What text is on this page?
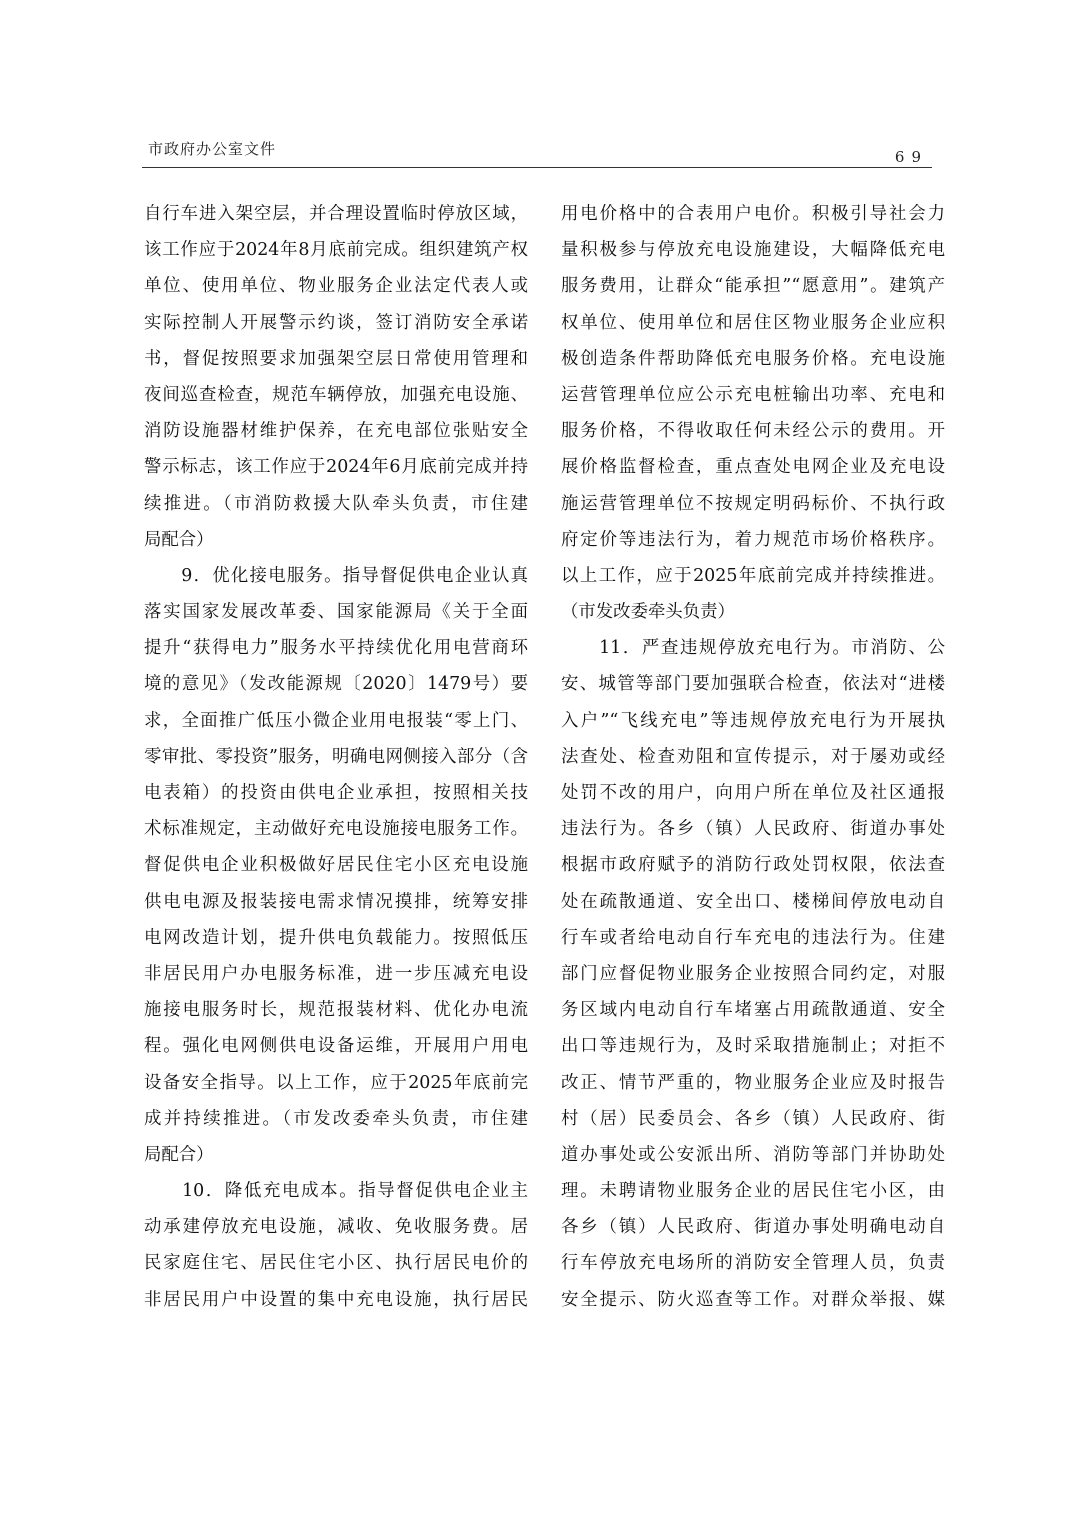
市政府办公室文件	69
自行车进入架空层，并合理设置临时停放区域，
该工作应于2024年8月底前完成。组织建筑产权
单位、使用单位、物业服务企业法定代表人或
实际控制人开展警示约谈，签订消防安全承诺
书，督促按照要求加强架空层日常使用管理和
夜间巡查检查，规范车辆停放，加强充电设施、
消防设施器材维护保养，在充电部位张贴安全
警示标志，该工作应于2024年6月底前完成并持
续推进。（市消防救援大队牵头负责，市住建
局配合）
　　9．优化接电服务。指导督促供电企业认真
落实国家发展改革委、国家能源局《关于全面
提升“获得电力”服务水平持续优化用电营商环
境的意见》（发改能源规〔2020〕1479号）要
求，全面推广低压小微企业用电报装“零上门、
零审批、零投资”服务，明确电网侧接入部分（含
电表箱）的投资由供电企业承担，按照相关技
术标准规定，主动做好充电设施接电服务工作。
督促供电企业积极做好居民住宅小区充电设施
供电电源及报装接电需求情况摸排，统筹安排
电网改造计划，提升供电负载能力。按照低压
非居民用户办电服务标准，进一步压减充电设
施接电服务时长，规范报装材料、优化办电流
程。强化电网侧供电设备运维，开展用户用电
设备安全指导。以上工作，应于2025年底前完
成并持续推进。（市发改委牵头负责，市住建
局配合）
　　10．降低充电成本。指导督促供电企业主
动承建停放充电设施，减收、免收服务费。居
民家庭住宅、居民住宅小区、执行居民电价的
非居民用户中设置的集中充电设施，执行居民
用电价格中的合表用户电价。积极引导社会力
量积极参与停放充电设施建设，大幅降低充电
服务费用，让群众“能承担”“愿意用”。建筑产
权单位、使用单位和居住区物业服务企业应积
极创造条件帮助降低充电服务价格。充电设施
运营管理单位应公示充电桩输出功率、充电和
服务价格，不得收取任何未经公示的费用。开
展价格监督检查，重点查处电网企业及充电设
施运营管理单位不按规定明码标价、不执行政
府定价等违法行为，着力规范市场价格秩序。
以上工作，应于2025年底前完成并持续推进。
（市发改委牵头负责）
　　11．严查违规停放充电行为。市消防、公
安、城管等部门要加强联合检查，依法对“进楼
入户”“飞线充电”等违规停放充电行为开展执
法查处、检查劝阻和宣传提示，对于屡劝或经
处罚不改的用户，向用户所在单位及社区通报
违法行为。各乡（镇）人民政府、街道办事处
根据市政府赋予的消防行政处罚权限，依法查
处在疏散通道、安全出口、楼梯间停放电动自
行车或者给电动自行车充电的违法行为。住建
部门应督促物业服务企业按照合同约定，对服
务区域内电动自行车堵塞占用疏散通道、安全
出口等违规行为，及时采取措施制止；对拒不
改正、情节严重的，物业服务企业应及时报告
村（居）民委员会、各乡（镇）人民政府、街
道办事处或公安派出所、消防等部门并协助处
理。未聘请物业服务企业的居民住宅小区，由
各乡（镇）人民政府、街道办事处明确电动自
行车停放充电场所的消防安全管理人员，负责
安全提示、防火巡查等工作。对群众举报、媒
